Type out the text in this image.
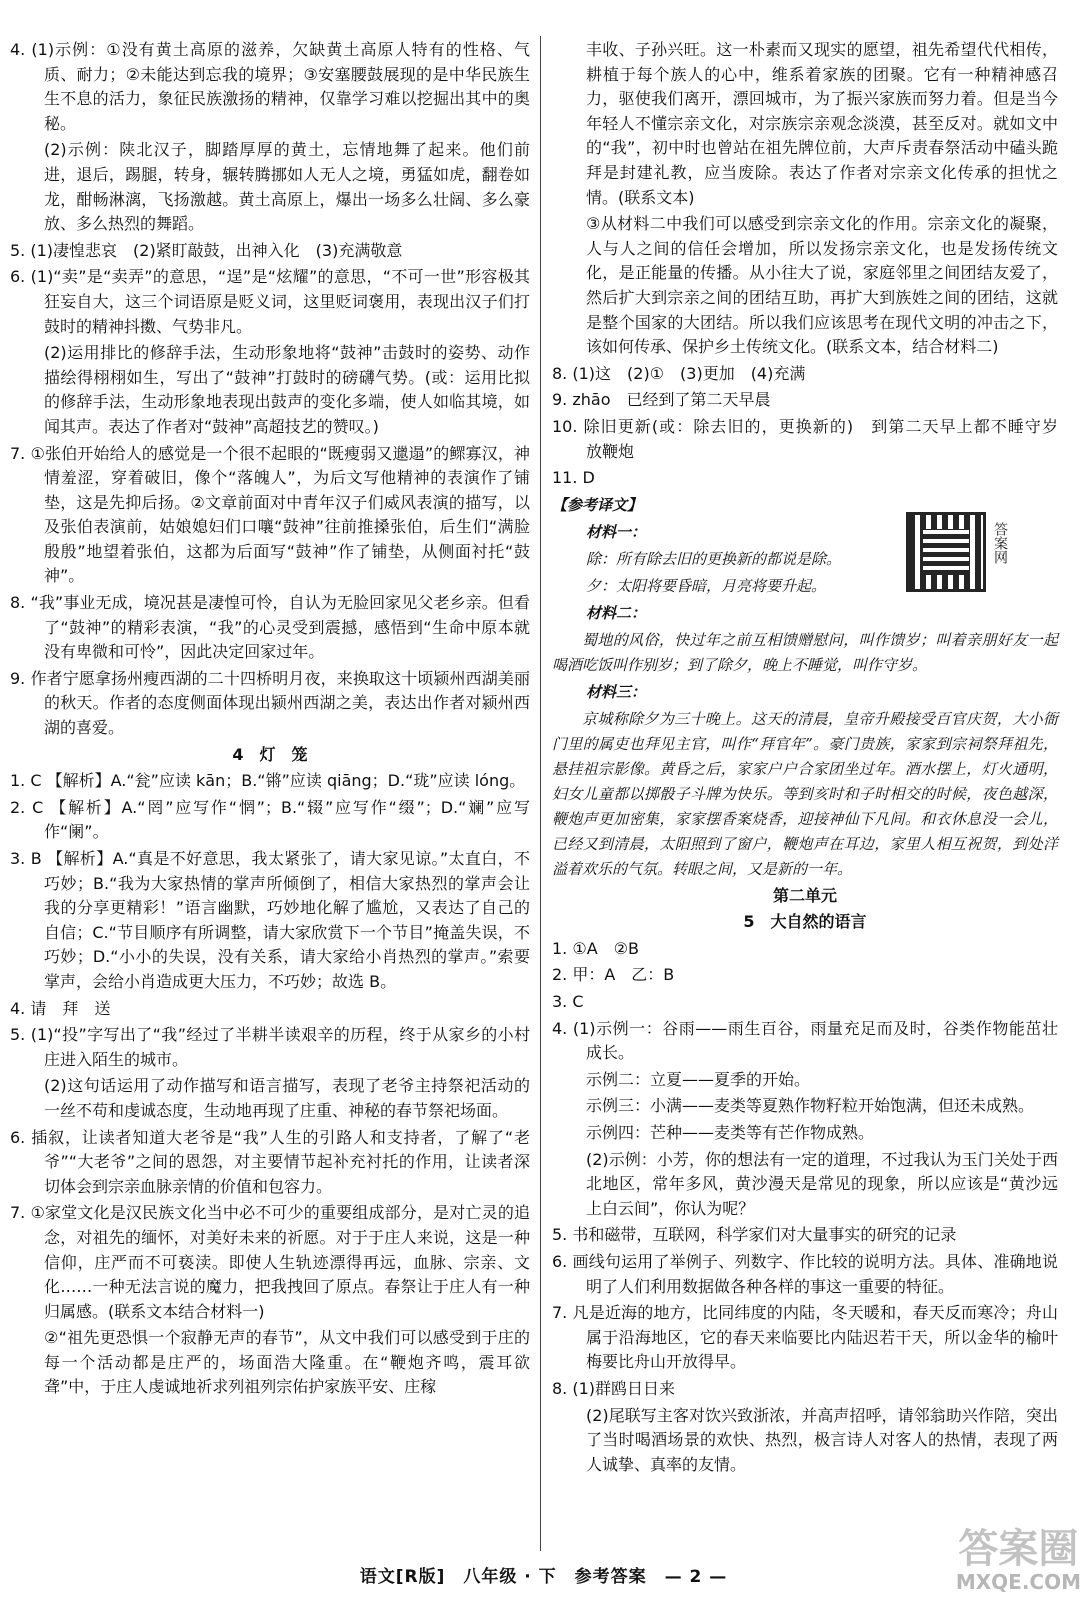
4. (1)示例：①没有黄土高原的滋养，欠缺黄土高原人特有的性格、气质、耐力；②未能达到忘我的境界；③安塞腰鼓展现的是中华民族生生不息的活力，象征民族激扬的精神，仅靠学习难以挖掘出其中的奥秘。
(2)示例：陕北汉子，脚踏厚厚的黄土，忘情地舞了起来。他们前进，退后，踢腿，转身，辗转腾挪如人无人之境，勇猛如虎，翻卷如龙，酣畅淋漓，飞扬激越。黄土高原上，爆出一场多么壮阔、多么豪放、多么热烈的舞蹈。
5. (1)凄惶悲哀　(2)紧盯敲鼓，出神入化　(3)充满敬意
6. (1)“卖”是“卖弄”的意思，“逞”是“炫耀”的意思，“不可一世”形容极其狂妄自大，这三个词语原是贬义词，这里贬词褒用，表现出汉子们打鼓时的精神抖擞、气势非凡。
(2)运用排比的修辞手法，生动形象地将“鼓神”击鼓时的姿势、动作描绘得栩栩如生，写出了“鼓神”打鼓时的磅礴气势。(或：运用比拟的修辞手法，生动形象地表现出鼓声的变化多端，使人如临其境，如闻其声。表达了作者对“鼓神”高超技艺的赞叹。)
7. ①张伯开始给人的感觉是一个很不起眼的“既瘦弱又邋遢”的鳏寡汉，神情羞涩，穿着破旧，像个“落魄人”，为后文写他精神的表演作了铺垫，这是先抑后扬。②文章前面对中青年汉子们威风表演的描写，以及张伯表演前，姑娘媳妇们口嚷“鼓神”往前推搡张伯，后生们“满脸殷殷”地望着张伯，这都为后面写“鼓神”作了铺垫，从侧面衬托“鼓神”。
8. “我”事业无成，境况甚是凄惶可怜，自认为无脸回家见父老乡亲。但看了“鼓神”的精彩表演，“我”的心灵受到震撼，感悟到“生命中原本就没有卑微和可怜”，因此决定回家过年。
9. 作者宁愿拿扬州瘦西湖的二十四桥明月夜，来换取这十顷颍州西湖美丽的秋天。作者的态度侧面体现出颍州西湖之美，表达出作者对颍州西湖的喜爱。
4　灯　笼
1. C 【解析】A.“瓮”应读 kān；B.“锵”应读 qiāng；D.“珑”应读 lóng。
2. C 【解析】A.“罔”应写作“惘”；B.“辍”应写作“缀”；D.“斓”应写作“阑”。
3. B 【解析】A.“真是不好意思，我太紧张了，请大家见谅。”太直白，不巧妙；B.“我为大家热情的掌声所倾倒了，相信大家热烈的掌声会让我的分享更精彩！”语言幽默，巧妙地化解了尴尬，又表达了自己的自信；C.“节目顺序有所调整，请大家欣赏下一个节目”掩盖失误，不巧妙；D.“小小的失误，没有关系，请大家给小肖热烈的掌声。”索要掌声，会给小肖造成更大压力，不巧妙；故选 B。
4. 请　拜　送
5. (1)“投”字写出了“我”经过了半耕半读艰辛的历程，终于从家乡的小村庄进入陌生的城市。
(2)这句话运用了动作描写和语言描写，表现了老爷主持祭祀活动的一丝不苟和虔诚态度，生动地再现了庄重、神秘的春节祭祀场面。
6. 插叙，让读者知道大老爷是“我”人生的引路人和支持者，了解了“老爷”“大老爷”之间的恩怨，对主要情节起补充衬托的作用，让读者深切体会到宗亲血脉亲情的价值和包容力。
7. ①家堂文化是汉民族文化当中必不可少的重要组成部分，是对亡灵的追念，对祖先的缅怀，对美好未来的祈愿。对于于庄人来说，这是一种信仰，庄严而不可亵渎。即使人生轨迹漂得再远，血脉、宗亲、文化……一种无法言说的魔力，把我拽回了原点。春祭让于庄人有一种归属感。(联系文本结合材料一)
②“祖先更恐惧一个寂静无声的春节”，从文中我们可以感受到于庄的每一个活动都是庄严的，场面浩大隆重。在“鞭炮齐鸣，震耳欲聋”中，于庄人虔诚地祈求列祖列宗佑护家族平安、庄稼
丰收、子孙兴旺。这一朴素而又现实的愿望，祖先希望代代相传，耕植于每个族人的心中，维系着家族的团聚。它有一种精神感召力，驱使我们离开，漂回城市，为了振兴家族而努力着。但是当今年轻人不懂宗亲文化，对宗族宗亲观念淡漠，甚至反对。就如文中的“我”，初中时也曾站在祖先牌位前，大声斥责春祭活动中磕头跪拜是封建礼教，应当废除。表达了作者对宗亲文化传承的担忧之情。(联系文本)
③从材料二中我们可以感受到宗亲文化的作用。宗亲文化的凝聚，人与人之间的信任会增加，所以发扬宗亲文化，也是发扬传统文化，是正能量的传播。从小往大了说，家庭邻里之间团结友爱了，然后扩大到宗亲之间的团结互助，再扩大到族姓之间的团结，这就是整个国家的大团结。所以我们应该思考在现代文明的冲击之下，该如何传承、保护乡土传统文化。(联系文本，结合材料二)
8. (1)这　(2)①　(3)更加　(4)充满
9. zhāo　已经到了第二天早晨
10. 除旧更新(或：除去旧的，更换新的)　到第二天早上都不睡守岁　放鞭炮
11. D
【参考译文】
材料一：
除：所有除去旧的更换新的都说是除。
夕：太阳将要昏暗，月亮将要升起。
材料二：
蜀地的风俗，快过年之前互相馈赠慰问，叫作馈岁；叫着亲朋好友一起喝酒吃饭叫作别岁；到了除夕，晚上不睡觉，叫作守岁。
材料三：
京城称除夕为三十晚上。这天的清晨，皇帝升殿接受百官庆贺，大小衙门里的属吏也拜见主官，叫作“拜官年”。豪门贵族，家家到宗祠祭拜祖先，悬挂祖宗影像。黄昏之后，家家户户合家团坐过年。酒水摆上，灯火通明，妇女儿童都以掷骰子斗牌为快乐。等到亥时和子时相交的时候，夜色越深，鞭炮声更加密集，家家摆香案烧香，迎接神仙下凡间。和衣休息没一会儿，已经又到清晨，太阳照到了窗户，鞭炮声在耳边，家里人相互祝贺，到处洋溢着欢乐的气氛。转眼之间，又是新的一年。
第二单元
5　大自然的语言
1. ①A　②B
2. 甲：A　乙：B
3. C
4. (1)示例一：谷雨——雨生百谷，雨量充足而及时，谷类作物能茁壮成长。
示例二：立夏——夏季的开始。
示例三：小满——麦类等夏熟作物籽粒开始饱满，但还未成熟。
示例四：芒种——麦类等有芒作物成熟。
(2)示例：小芳，你的想法有一定的道理，不过我认为玉门关处于西北地区，常年多风，黄沙漫天是常见的现象，所以应该是“黄沙远上白云间”，你认为呢？
5. 书和磁带，互联网，科学家们对大量事实的研究的记录
6. 画线句运用了举例子、列数字、作比较的说明方法。具体、准确地说明了人们利用数据做各种各样的事这一重要的特征。
7. 凡是近海的地方，比同纬度的内陆，冬天暖和，春天反而寒冷；舟山属于沿海地区，它的春天来临要比内陆迟若干天，所以金华的榆叶梅要比舟山开放得早。
8. (1)群鸥日日来
(2)尾联写主客对饮兴致浙浓，并高声招呼，请邻翁助兴作陪，突出了当时喝酒场景的欢快、热烈，极言诗人对客人的热情，表现了两人诚挚、真率的友情。
答案网
语文[R版]　八年级 · 下　参考答案　— 2 —
答案圈
MXQE.COM
